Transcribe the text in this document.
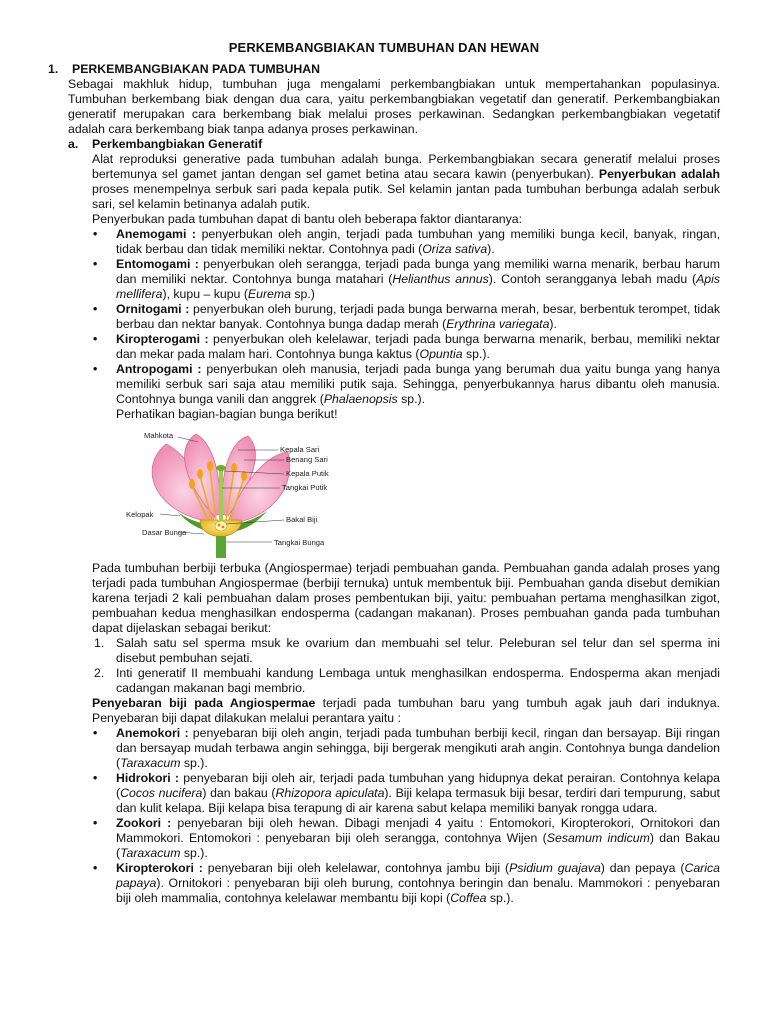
PERKEMBANGBIAKAN TUMBUHAN DAN HEWAN
1. PERKEMBANGBIAKAN PADA TUMBUHAN
Sebagai makhluk hidup, tumbuhan juga mengalami perkembangbiakan untuk mempertahankan populasinya. Tumbuhan berkembang biak dengan dua cara, yaitu perkembangbiakan vegetatif dan generatif. Perkembangbiakan generatif merupakan cara berkembang biak melalui proses perkawinan. Sedangkan perkembangbiakan vegetatif adalah cara berkembang biak tanpa adanya proses perkawinan.
a. Perkembangbiakan Generatif
Alat reproduksi generative pada tumbuhan adalah bunga. Perkembangbiakan secara generatif melalui proses bertemunya sel gamet jantan dengan sel gamet betina atau secara kawin (penyerbukan). Penyerbukan adalah proses menempelnya serbuk sari pada kepala putik. Sel kelamin jantan pada tumbuhan berbunga adalah serbuk sari, sel kelamin betinanya adalah putik.
Penyerbukan pada tumbuhan dapat di bantu oleh beberapa faktor diantaranya:
• Anemogami : penyerbukan oleh angin, terjadi pada tumbuhan yang memiliki bunga kecil, banyak, ringan, tidak berbau dan tidak memiliki nektar. Contohnya padi (Oriza sativa).
• Entomogami : penyerbukan oleh serangga, terjadi pada bunga yang memiliki warna menarik, berbau harum dan memiliki nektar. Contohnya bunga matahari (Helianthus annus). Contoh serangganya lebah madu (Apis mellifera), kupu – kupu (Eurema sp.)
• Ornitogami : penyerbukan oleh burung, terjadi pada bunga berwarna merah, besar, berbentuk terompet, tidak berbau dan nektar banyak. Contohnya bunga dadap merah (Erythrina variegata).
• Kiropterogami : penyerbukan oleh kelelawar, terjadi pada bunga berwarna menarik, berbau, memiliki nektar dan mekar pada malam hari. Contohnya bunga kaktus (Opuntia sp.).
• Antropogami : penyerbukan oleh manusia, terjadi pada bunga yang berumah dua yaitu bunga yang hanya memiliki serbuk sari saja atau memiliki putik saja. Sehingga, penyerbukannya harus dibantu oleh manusia. Contohnya bunga vanili dan anggrek (Phalaenopsis sp.).
Perhatikan bagian-bagian bunga berikut!
Mahkota
Kepala Sari
Benang Sari
Kepala Putik
Tangkai Putik
Kelopak
Bakal Biji
Dasar Bunga
Tangkai Bunga
Pada tumbuhan berbiji terbuka (Angiospermae) terjadi pembuahan ganda. Pembuahan ganda adalah proses yang terjadi pada tumbuhan Angiospermae (berbiji ternuka) untuk membentuk biji. Pembuahan ganda disebut demikian karena terjadi 2 kali pembuahan dalam proses pembentukan biji, yaitu: pembuahan pertama menghasilkan zigot, pembuahan kedua menghasilkan endosperma (cadangan makanan). Proses pembuahan ganda pada tumbuhan dapat dijelaskan sebagai berikut:
1. Salah satu sel sperma msuk ke ovarium dan membuahi sel telur. Peleburan sel telur dan sel sperma ini disebut pembuhan sejati.
2. Inti generatif II membuahi kandung Lembaga untuk menghasilkan endosperma. Endosperma akan menjadi cadangan makanan bagi membrio.
Penyebaran biji pada Angiospermae terjadi pada tumbuhan baru yang tumbuh agak jauh dari induknya. Penyebaran biji dapat dilakukan melalui perantara yaitu :
• Anemokori : penyebaran biji oleh angin, terjadi pada tumbuhan berbiji kecil, ringan dan bersayap. Biji ringan dan bersayap mudah terbawa angin sehingga, biji bergerak mengikuti arah angin. Contohnya bunga dandelion (Taraxacum sp.).
• Hidrokori : penyebaran biji oleh air, terjadi pada tumbuhan yang hidupnya dekat perairan. Contohnya kelapa (Cocos nucifera) dan bakau (Rhizopora apiculata). Biji kelapa termasuk biji besar, terdiri dari tempurung, sabut dan kulit kelapa. Biji kelapa bisa terapung di air karena sabut kelapa memiliki banyak rongga udara.
• Zookori : penyebaran biji oleh hewan. Dibagi menjadi 4 yaitu : Entomokori, Kiropterokori, Ornitokori dan Mammokori. Entomokori : penyebaran biji oleh serangga, contohnya Wijen (Sesamum indicum) dan Bakau (Taraxacum sp.).
• Kiropterokori : penyebaran biji oleh kelelawar, contohnya jambu biji (Psidium guajava) dan pepaya (Carica papaya). Ornitokori : penyebaran biji oleh burung, contohnya beringin dan benalu. Mammokori : penyebaran biji oleh mammalia, contohnya kelelawar membantu biji kopi (Coffea sp.).
